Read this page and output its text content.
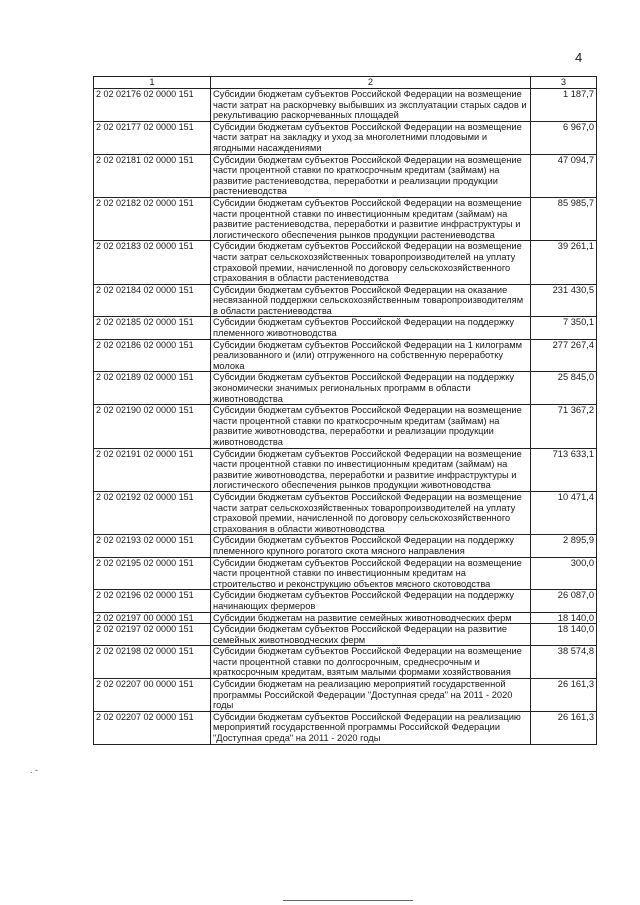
4
1	2	3
2 02 02176 02 0000 151	Субсидии бюджетам субъектов Российской Федерации на возмещение части затрат на раскорчевку выбывших из эксплуатации старых садов и рекультивацию раскорчеванных площадей	1 187,7
2 02 02177 02 0000 151	Субсидии бюджетам субъектов Российской Федерации на возмещение части затрат на закладку и уход за многолетними плодовыми и ягодными насаждениями	6 967,0
2 02 02181 02 0000 151	Субсидии бюджетам субъектов Российской Федерации на возмещение части процентной ставки по краткосрочным кредитам (займам) на развитие растениеводства, переработки и реализации продукции растениеводства	47 094,7
2 02 02182 02 0000 151	Субсидии бюджетам субъектов Российской Федерации на возмещение части процентной ставки по инвестиционным кредитам (займам) на развитие растениеводства, переработки и развитие инфраструктуры и логистического обеспечения рынков продукции растениеводства	85 985,7
2 02 02183 02 0000 151	Субсидии бюджетам субъектов Российской Федерации на возмещение части затрат сельскохозяйственных товаропроизводителей на уплату страховой премии, начисленной по договору сельскохозяйственного страхования в области растениеводства	39 261,1
2 02 02184 02 0000 151	Субсидии бюджетам субъектов Российской Федерации на оказание несвязанной поддержки сельскохозяйственным товаропроизводителям в области растениеводства	231 430,5
2 02 02185 02 0000 151	Субсидии бюджетам субъектов Российской Федерации на поддержку племенного животноводства	7 350,1
2 02 02186 02 0000 151	Субсидии бюджетам субъектов Российской Федерации на 1 килограмм реализованного и (или) отгруженного на собственную переработку молока	277 267,4
2 02 02189 02 0000 151	Субсидии бюджетам субъектов Российской Федерации на поддержку экономически значимых региональных программ в области животноводства	25 845,0
2 02 02190 02 0000 151	Субсидии бюджетам субъектов Российской Федерации на возмещение части процентной ставки по краткосрочным кредитам (займам) на развитие животноводства, переработки и реализации продукции животноводства	71 367,2
2 02 02191 02 0000 151	Субсидии бюджетам субъектов Российской Федерации на возмещение части процентной ставки по инвестиционным кредитам (займам) на развитие животноводства, переработки и развитие инфраструктуры и логистического обеспечения рынков продукции животноводства	713 633,1
2 02 02192 02 0000 151	Субсидии бюджетам субъектов Российской Федерации на возмещение части затрат сельскохозяйственных товаропроизводителей на уплату страховой премии, начисленной по договору сельскохозяйственного страхования в области животноводства	10 471,4
2 02 02193 02 0000 151	Субсидии бюджетам субъектов Российской Федерации на поддержку племенного крупного рогатого скота мясного направления	2 895,9
2 02 02195 02 0000 151	Субсидии бюджетам субъектов Российской Федерации на возмещение части процентной ставки по инвестиционным кредитам на строительство и реконструкцию объектов мясного скотоводства	300,0
2 02 02196 02 0000 151	Субсидии бюджетам субъектов Российской Федерации на поддержку начинающих фермеров	26 087,0
2 02 02197 00 0000 151	Субсидии бюджетам на развитие семейных животноводческих ферм	18 140,0
2 02 02197 02 0000 151	Субсидии бюджетам субъектов Российской Федерации на развитие семейных животноводческих ферм	18 140,0
2 02 02198 02 0000 151	Субсидии бюджетам субъектов Российской Федерации на возмещение части процентной ставки по долгосрочным, среднесрочным и краткосрочным кредитам, взятым малыми формами хозяйствования	38 574,8
2 02 02207 00 0000 151	Субсидии бюджетам на реализацию мероприятий государственной программы Российской Федерации "Доступная среда" на 2011 - 2020 годы	26 161,3
2 02 02207 02 0000 151	Субсидии бюджетам субъектов Российской Федерации на реализацию мероприятий государственной программы Российской Федерации "Доступная среда" на 2011 - 2020 годы	26 161,3
. -
